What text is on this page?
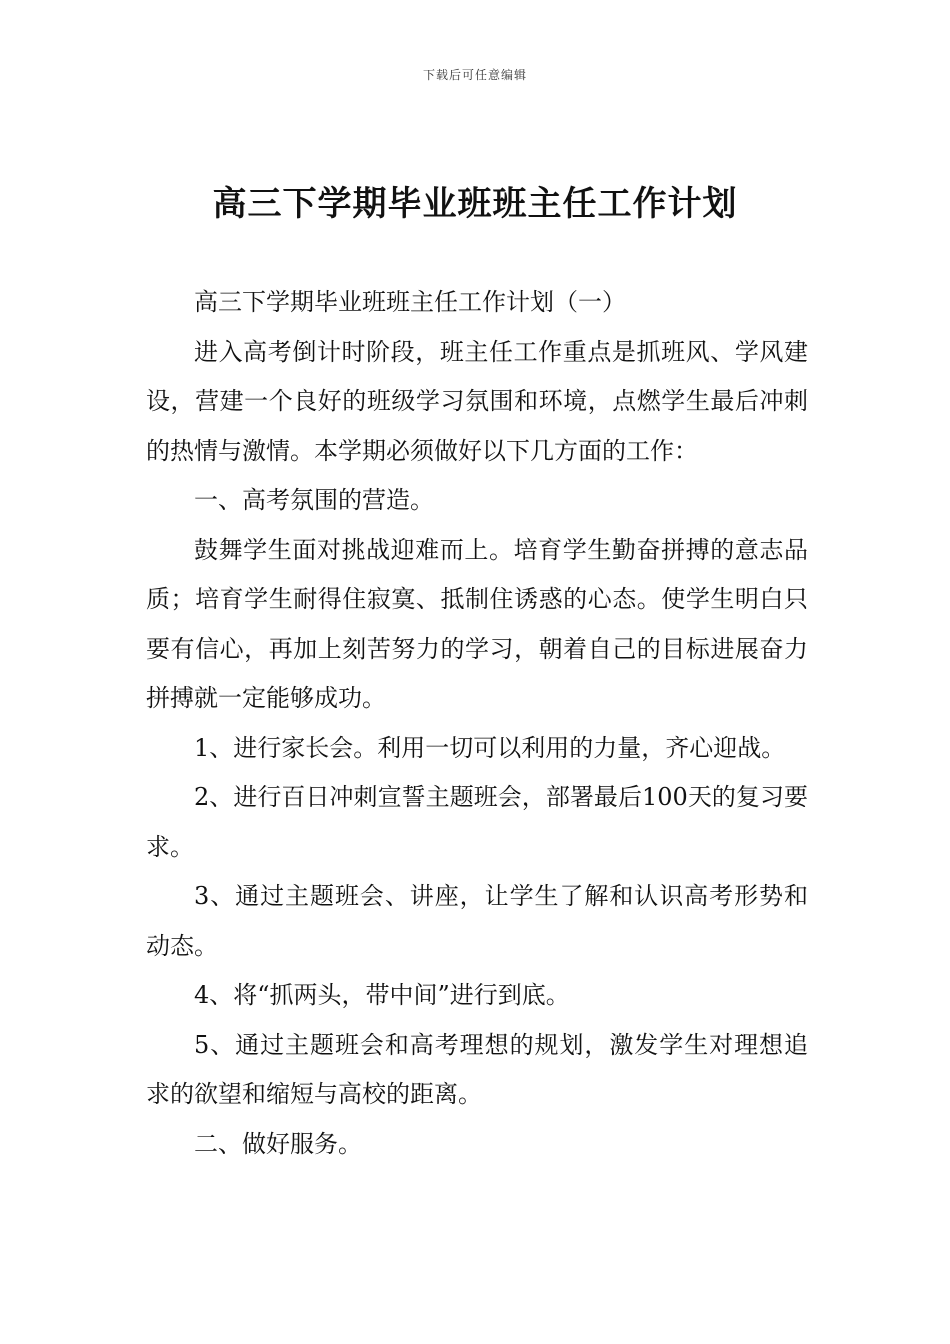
下载后可任意编辑
高三下学期毕业班班主任工作计划

高三下学期毕业班班主任工作计划（一）

进入高考倒计时阶段，班主任工作重点是抓班风、学风建设，营建一个良好的班级学习氛围和环境，点燃学生最后冲刺的热情与激情。本学期必须做好以下几方面的工作：

一、高考氛围的营造。

鼓舞学生面对挑战迎难而上。培育学生勤奋拼搏的意志品质；培育学生耐得住寂寞、抵制住诱惑的心态。使学生明白只要有信心，再加上刻苦努力的学习，朝着自己的目标进展奋力拼搏就一定能够成功。

1、进行家长会。利用一切可以利用的力量，齐心迎战。

2、进行百日冲刺宣誓主题班会，部署最后100天的复习要求。

3、通过主题班会、讲座，让学生了解和认识高考形势和动态。

4、将“抓两头，带中间”进行到底。

5、通过主题班会和高考理想的规划，激发学生对理想追求的欲望和缩短与高校的距离。

二、做好服务。
